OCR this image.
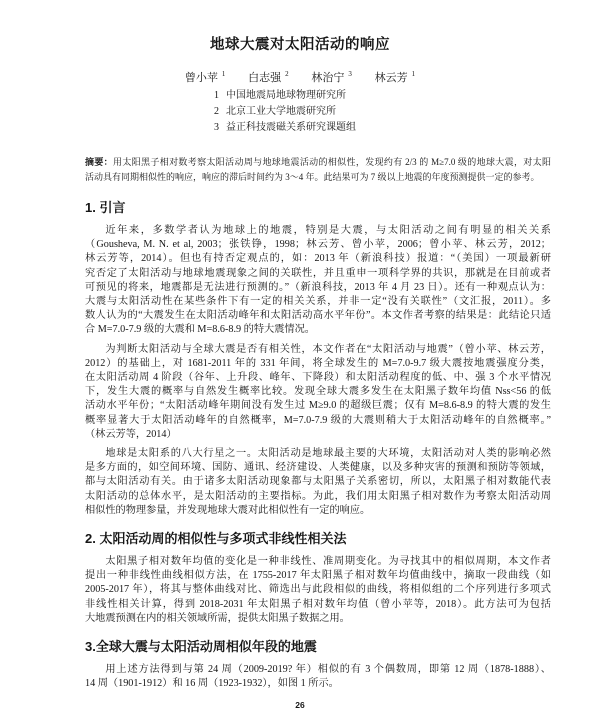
地球大震对太阳活动的响应
曾小苹 $^1$ 白志强 $^2$ 林治宁 $^3$ 林云芳 $^1$
1 中国地震局地球物理研究所
2 北京工业大学地震研究所
3 益正科技震磁关系研究课题组
摘要：用太阳黑子相对数考察太阳活动周与地球地震活动的相似性，发现约有 2/3 的 M≥7.0 级的地球大震，对太阳
活动具有同期相似性的响应，响应的滞后时间约为 3～4 年。此结果可为 7 级以上地震的年度预测提供一定的参考。
1. 引言
近年来，多数学者认为地球上的地震，特别是大震，与太阳活动之间有明显的相关关系
（Gousheva, M. N. et al, 2003；张铁铮，1998；林云芳、曾小苹，2006；曾小苹、林云芳，2012；
林云芳等，2014）。但也有持否定观点的，如：2013 年（新浪科技）报道：“（美国）一项最新研
究否定了太阳活动与地球地震现象之间的关联性，并且重申一项科学界的共识，那就是在目前或者
可预见的将来，地震都是无法进行预测的。”（新浪科技，2013 年 4 月 23 日）。还有一种观点认为：
大震与太阳活动性在某些条件下有一定的相关关系，并非一定“没有关联性”（文汇报，2011）。多
数人认为的“大震发生在太阳活动峰年和太阳活动高水平年份”。本文作者考察的结果是：此结论只适
合 M=7.0-7.9 级的大震和 M=8.6-8.9 的特大震情况。
为判断太阳活动与全球大震是否有相关性，本文作者在“太阳活动与地震”（曾小苹、林云芳，
2012）的基础上，对 1681-2011 年的 331 年间，将全球发生的 M=7.0-9.7 级大震按地震强度分类，
在太阳活动周 4 阶段（谷年、上升段、峰年、下降段）和太阳活动程度的低、中、强 3 个水平情况
下，发生大震的概率与自然发生概率比较。发现全球大震多发生在太阳黑子数年均值 Nss<56 的低
活动水平年份；“太阳活动峰年期间没有发生过 M≥9.0 的超级巨震；仅有 M=8.6-8.9 的特大震的发生
概率显著大于太阳活动峰年的自然概率，M=7.0-7.9 级的大震则稍大于太阳活动峰年的自然概率。”
（林云芳等，2014）
地球是太阳系的八大行星之一。太阳活动是地球最主要的大环境，太阳活动对人类的影响必然
是多方面的，如空间环境、国防、通讯、经济建设、人类健康，以及多种灾害的预测和预防等领域，
都与太阳活动有关。由于诸多太阳活动现象都与太阳黑子关系密切，所以，太阳黑子相对数能代表
太阳活动的总体水平，是太阳活动的主要指标。为此，我们用太阳黑子相对数作为考察太阳活动周
相似性的物理参量，并发现地球大震对此相似性有一定的响应。
2. 太阳活动周的相似性与多项式非线性相关法
太阳黑子相对数年均值的变化是一种非线性、准周期变化。为寻找其中的相似周期，本文作者
提出一种非线性曲线相似方法，在 1755-2017 年太阳黑子相对数年均值曲线中，摘取一段曲线（如
2005-2017 年），将其与整体曲线对比、筛选出与此段相似的曲线，将相似组的二个序列进行多项式
非线性相关计算，得到 2018-2031 年太阳黑子相对数年均值（曾小苹等，2018）。此方法可为包括
大地震预测在内的相关领域所需，提供太阳黑子数据之用。
3.全球大震与太阳活动周相似年段的地震
用上述方法得到与第 24 周（2009-2019? 年）相似的有 3 个偶数周，即第 12 周（1878-1888）、
14 周（1901-1912）和 16 周（1923-1932），如图 1 所示。
26
